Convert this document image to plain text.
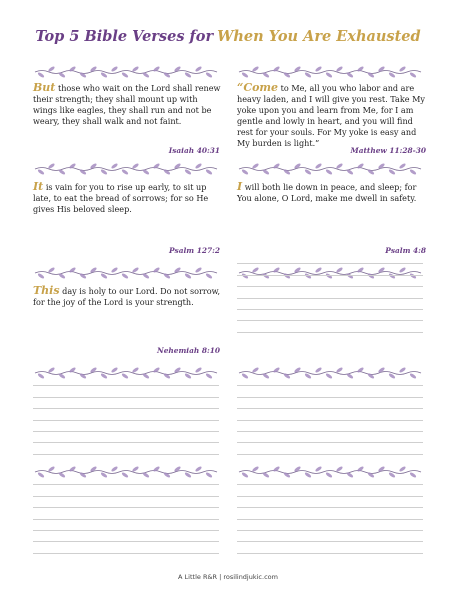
Top 5 Bible Verses for When You Are Exhausted
But those who wait on the Lord shall renew their strength; they shall mount up with wings like eagles, they shall run and not be weary, they shall walk and not faint.
Isaiah 40:31
“Come to Me, all you who labor and are heavy laden, and I will give you rest. Take My yoke upon you and learn from Me, for I am gentle and lowly in heart, and you will find rest for your souls. For My yoke is easy and My burden is light.”
Matthew 11:28-30
It is vain for you to rise up early, to sit up late, to eat the bread of sorrows; for so He gives His beloved sleep.
Psalm 127:2
I will both lie down in peace, and sleep; for You alone, O Lord, make me dwell in safety.
Psalm 4:8
This day is holy to our Lord. Do not sorrow, for the joy of the Lord is your strength.
Nehemiah 8:10
A Little R&R | rosilindjukic.com
